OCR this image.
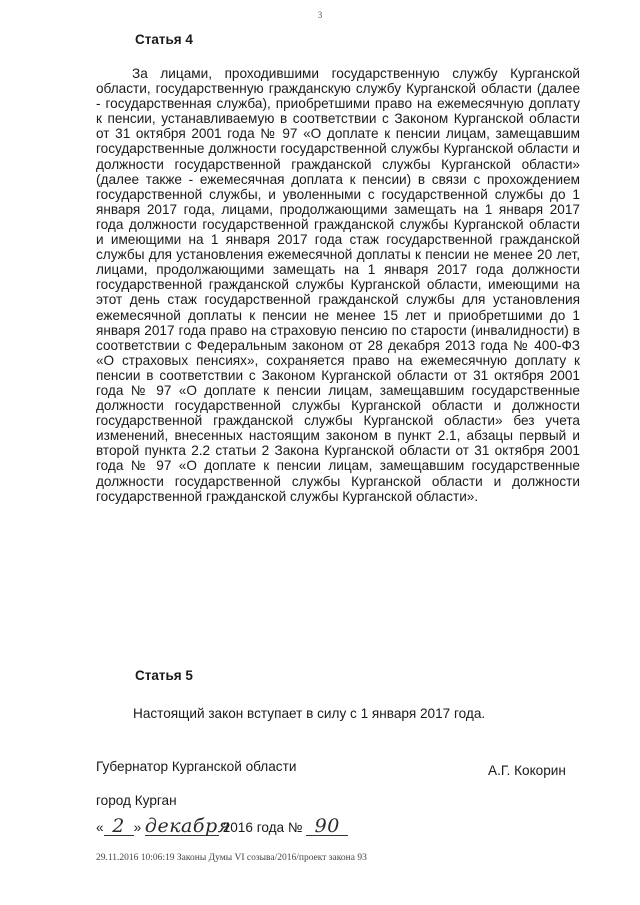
3
Статья 4
За лицами, проходившими государственную службу Курганской области, государственную гражданскую службу Курганской области (далее - государственная служба), приобретшими право на ежемесячную доплату к пенсии, устанавливаемую в соответствии с Законом Курганской области от 31 октября 2001 года № 97 «О доплате к пенсии лицам, замещавшим государственные должности государственной службы Курганской области и должности государственной гражданской службы Курганской области» (далее также - ежемесячная доплата к пенсии) в связи с прохождением государственной службы, и уволенными с государственной службы до 1 января 2017 года, лицами, продолжающими замещать на 1 января 2017 года должности государственной гражданской службы Курганской области и имеющими на 1 января 2017 года стаж государственной гражданской службы для установления ежемесячной доплаты к пенсии не менее 20 лет, лицами, продолжающими замещать на 1 января 2017 года должности государственной гражданской службы Курганской области, имеющими на этот день стаж государственной гражданской службы для установления ежемесячной доплаты к пенсии не менее 15 лет и приобретшими до 1 января 2017 года право на страховую пенсию по старости (инвалидности) в соответствии с Федеральным законом от 28 декабря 2013 года № 400-ФЗ «О страховых пенсиях», сохраняется право на ежемесячную доплату к пенсии в соответствии с Законом Курганской области от 31 октября 2001 года № 97 «О доплате к пенсии лицам, замещавшим государственные должности государственной службы Курганской области и должности государственной гражданской службы Курганской области» без учета изменений, внесенных настоящим законом в пункт 2.1, абзацы первый и второй пункта 2.2 статьи 2 Закона Курганской области от 31 октября 2001 года № 97 «О доплате к пенсии лицам, замещавшим государственные должности государственной службы Курганской области и должности государственной гражданской службы Курганской области».
Статья 5
Настоящий закон вступает в силу с 1 января 2017 года.
Губернатор Курганской области	А.Г. Кокорин
город Курган
« 2 » декабря 2016 года № 90
29.11.2016 10:06:19 Законы Думы VI созыва/2016/проект закона 93
